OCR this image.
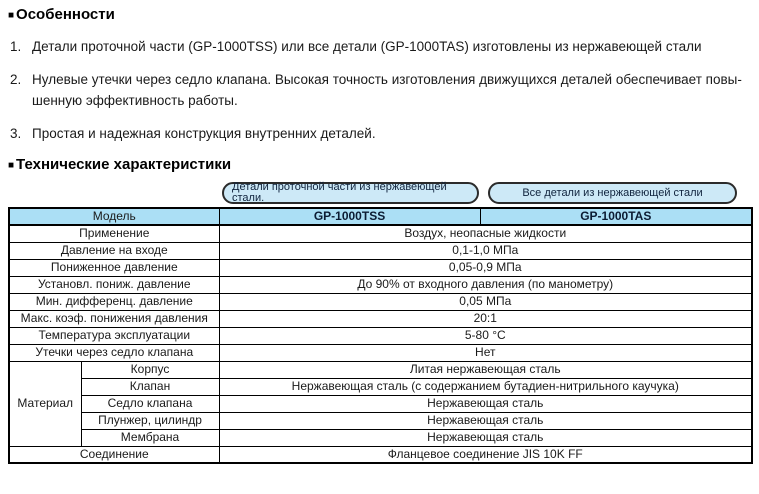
■ Особенности
1. Детали проточной части (GP-1000TSS) или все детали (GP-1000TAS) изготовлены из нержавеющей стали
2. Нулевые утечки через седло клапана. Высокая точность изготовления движущихся деталей обеспечивает повы-шенную эффективность работы.
3. Простая и надежная конструкция внутренних деталей.
■ Технические характеристики
Детали проточной части из нержавеющей стали.	Все детали из нержавеющей стали
Модель		GP-1000TSS	GP-1000TAS
Применение		Воздух, неопасные жидкости	
Давление на входе		0,1-1,0 МПа	
Пониженное давление		0,05-0,9 МПа	
Установл. пониж. давление		До 90% от входного давления (по манометру)	
Мин. дифференц. давление		0,05 МПа	
Макс. коэф. понижения давления		20:1	
Температура эксплуатации		5-80 °C	
Утечки через седло клапана		Нет	
Материал	Корпус	Литая нержавеющая сталь	
	Клапан	Нержавеющая сталь (с содержанием бутадиен-нитрильного каучука)	
	Седло клапана	Нержавеющая сталь	
	Плунжер, цилиндр	Нержавеющая сталь	
	Мембрана	Нержавеющая сталь	
Соединение		Фланцевое соединение JIS 10K FF	
